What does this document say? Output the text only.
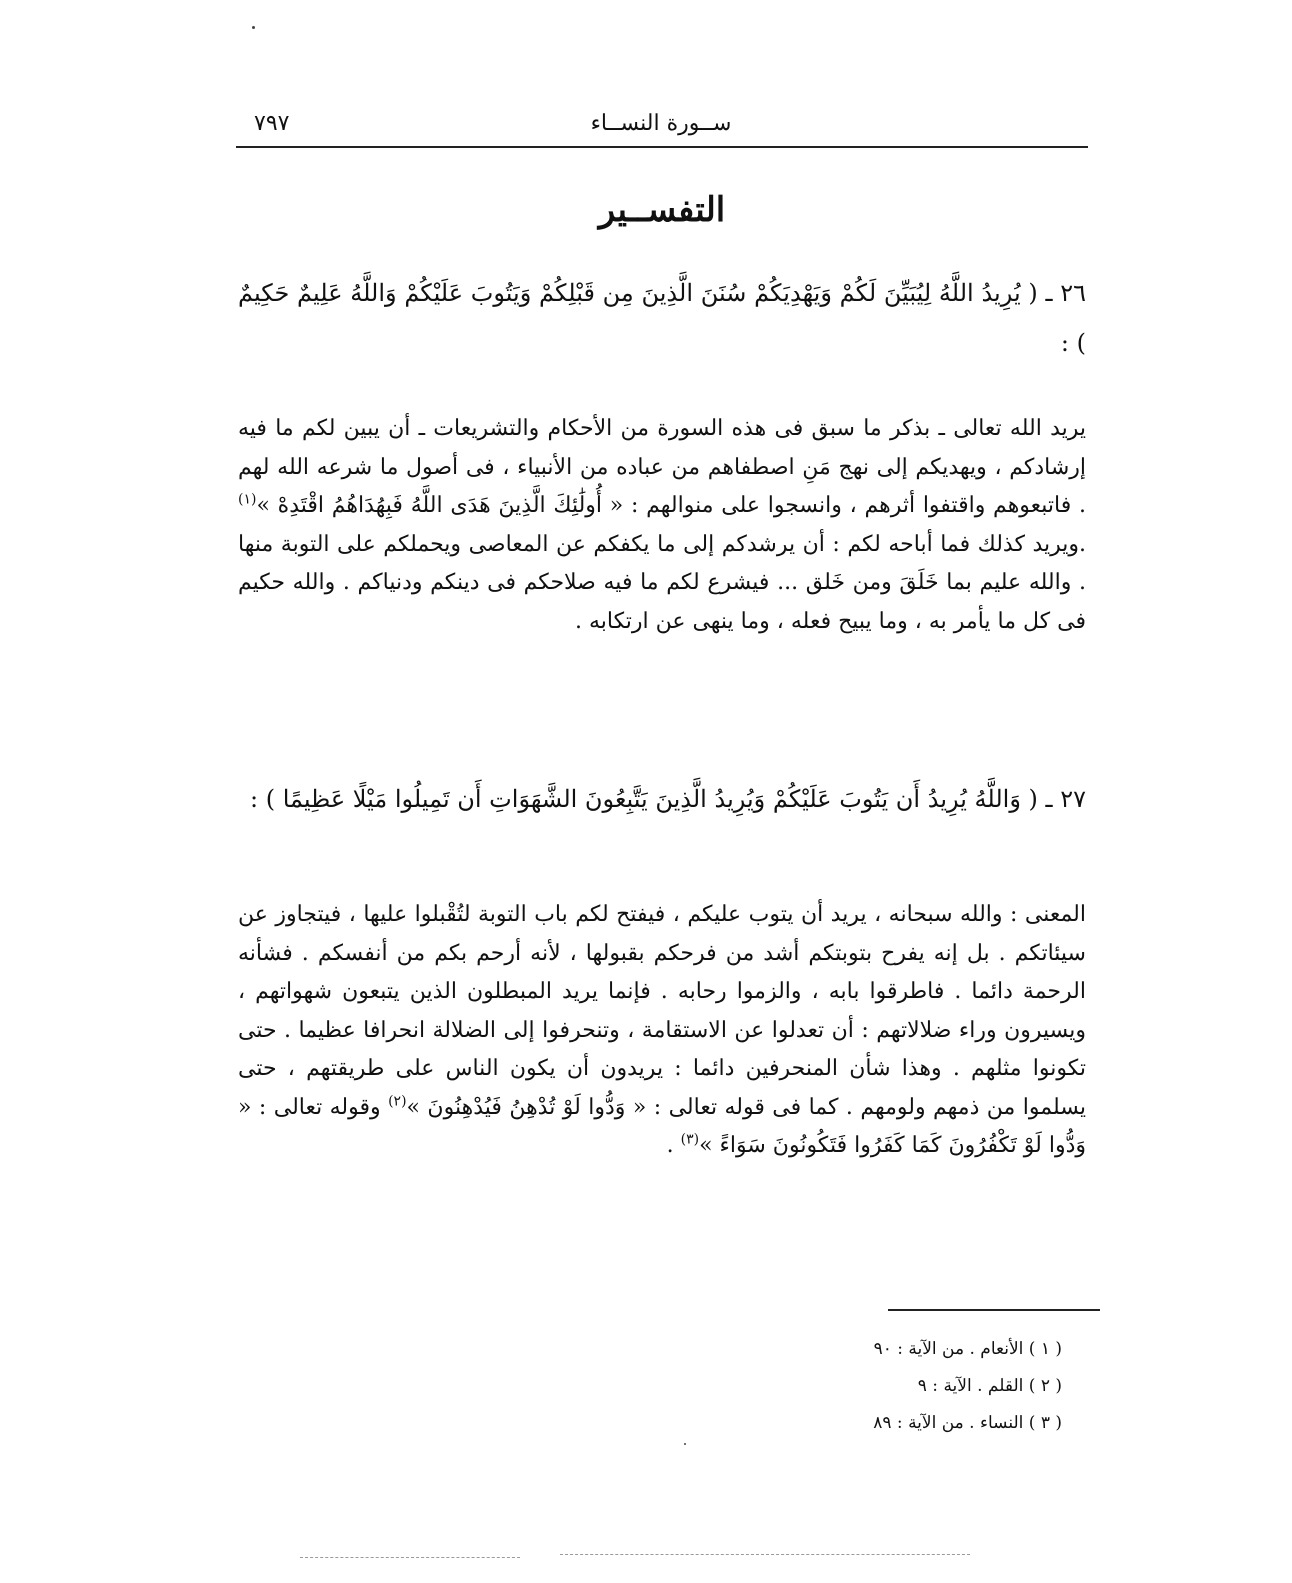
ســورة النســاء
٧٩٧
التفســير
٢٦ ـ ( يُرِيدُ اللَّهُ لِيُبَيِّنَ لَكُمْ وَيَهْدِيَكُمْ سُنَنَ الَّذِينَ مِن قَبْلِكُمْ وَيَتُوبَ عَلَيْكُمْ وَاللَّهُ عَلِيمٌ حَكِيمٌ ) :
يريد الله تعالى ـ بذكر ما سبق فى هذه السورة من الأحكام والتشريعات ـ أن يبين لكم ما فيه إرشادكم ، ويهديكم إلى نهج مَنِ اصطفاهم من عباده من الأنبياء ، فى أصول ما شرعه الله لهم . فاتبعوهم واقتفوا أثرهم ، وانسجوا على منوالهم : « أُولَٰئِكَ الَّذِينَ هَدَى اللَّهُ فَبِهُدَاهُمُ اقْتَدِهْ »$^{(١)}$ .ويريد كذلك فما أباحه لكم : أن يرشدكم إلى ما يكفكم عن المعاصى ويحملكم على التوبة منها . والله عليم بما خَلَقَ ومن خَلق ... فيشرع لكم ما فيه صلاحكم فى دينكم ودنياكم . والله حكيم فى كل ما يأمر به ، وما يبيح فعله ، وما ينهى عن ارتكابه .
٢٧ ـ ( وَاللَّهُ يُرِيدُ أَن يَتُوبَ عَلَيْكُمْ وَيُرِيدُ الَّذِينَ يَتَّبِعُونَ الشَّهَوَاتِ أَن تَمِيلُوا مَيْلًا عَظِيمًا ) :
المعنى : والله سبحانه ، يريد أن يتوب عليكم ، فيفتح لكم باب التوبة لتُقْبلوا عليها ، فيتجاوز عن سيئاتكم . بل إنه يفرح بتوبتكم أشد من فرحكم بقبولها ، لأنه أرحم بكم من أنفسكم . فشأنه الرحمة دائما . فاطرقوا بابه ، والزموا رحابه . فإنما يريد المبطلون الذين يتبعون شهواتهم ، ويسيرون وراء ضلالاتهم : أن تعدلوا عن الاستقامة ، وتنحرفوا إلى الضلالة انحرافا عظيما . حتى تكونوا مثلهم . وهذا شأن المنحرفين دائما : يريدون أن يكون الناس على طريقتهم ، حتى يسلموا من ذمهم ولومهم . كما فى قوله تعالى : « وَدُّوا لَوْ تُدْهِنُ فَيُدْهِنُونَ »$^{(٢)}$ وقوله تعالى : « وَدُّوا لَوْ تَكْفُرُونَ كَمَا كَفَرُوا فَتَكُونُونَ سَوَاءً »$^{(٣)}$ .
( ١ ) الأنعام . من الآية : ٩٠
( ٢ ) القلم . الآية : ٩
( ٣ ) النساء . من الآية : ٨٩
